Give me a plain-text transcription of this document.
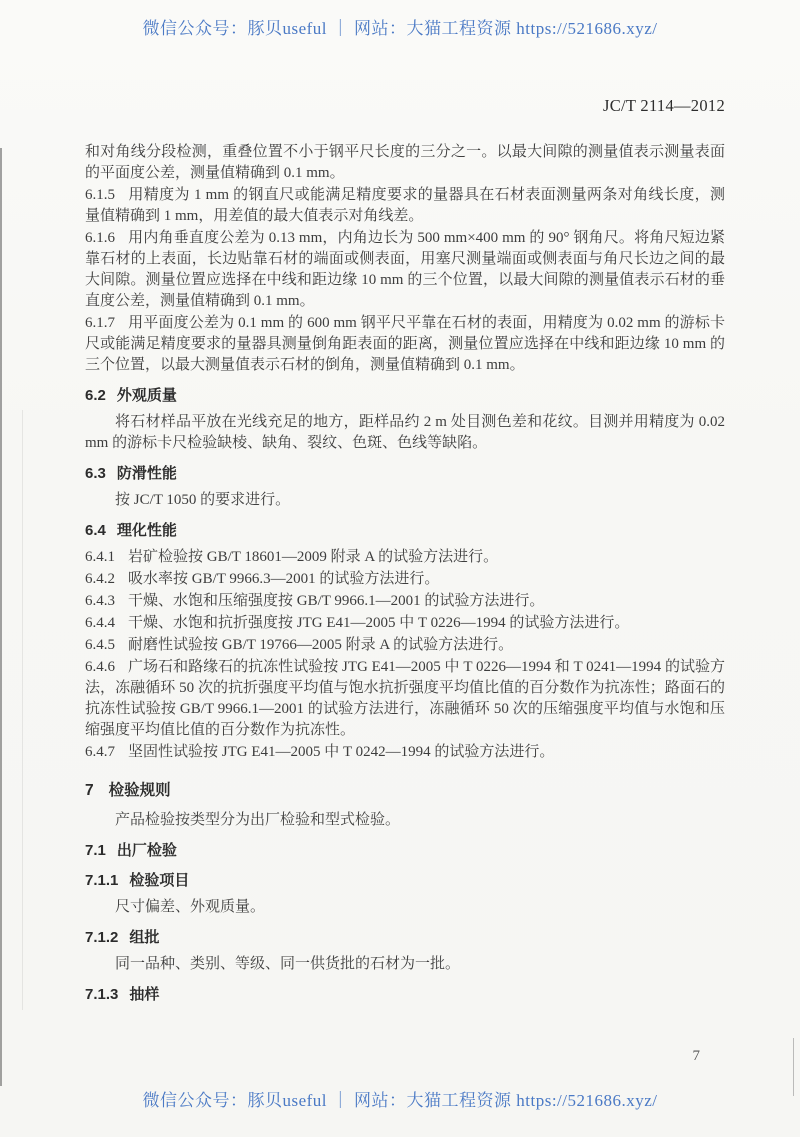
微信公众号：豚贝useful ｜ 网站：大猫工程资源 https://521686.xyz/
JC/T 2114—2012
和对角线分段检测，重叠位置不小于钢平尺长度的三分之一。以最大间隙的测量值表示测量表面的平面度公差，测量值精确到 0.1 mm。
6.1.5 用精度为 1 mm 的钢直尺或能满足精度要求的量器具在石材表面测量两条对角线长度，测量值精确到 1 mm，用差值的最大值表示对角线差。
6.1.6 用内角垂直度公差为 0.13 mm，内角边长为 500 mm×400 mm 的 90° 钢角尺。将角尺短边紧靠石材的上表面，长边贴靠石材的端面或侧表面，用塞尺测量端面或侧表面与角尺长边之间的最大间隙。测量位置应选择在中线和距边缘 10 mm 的三个位置，以最大间隙的测量值表示石材的垂直度公差，测量值精确到 0.1 mm。
6.1.7 用平面度公差为 0.1 mm 的 600 mm 钢平尺平靠在石材的表面，用精度为 0.02 mm 的游标卡尺或能满足精度要求的量器具测量倒角距表面的距离，测量位置应选择在中线和距边缘 10 mm 的三个位置，以最大测量值表示石材的倒角，测量值精确到 0.1 mm。
6.2 外观质量
将石材样品平放在光线充足的地方，距样品约 2 m 处目测色差和花纹。目测并用精度为 0.02 mm 的游标卡尺检验缺棱、缺角、裂纹、色斑、色线等缺陷。
6.3 防滑性能
按 JC/T 1050 的要求进行。
6.4 理化性能
6.4.1 岩矿检验按 GB/T 18601—2009 附录 A 的试验方法进行。
6.4.2 吸水率按 GB/T 9966.3—2001 的试验方法进行。
6.4.3 干燥、水饱和压缩强度按 GB/T 9966.1—2001 的试验方法进行。
6.4.4 干燥、水饱和抗折强度按 JTG E41—2005 中 T 0226—1994 的试验方法进行。
6.4.5 耐磨性试验按 GB/T 19766—2005 附录 A 的试验方法进行。
6.4.6 广场石和路缘石的抗冻性试验按 JTG E41—2005 中 T 0226—1994 和 T 0241—1994 的试验方法，冻融循环 50 次的抗折强度平均值与饱水抗折强度平均值比值的百分数作为抗冻性；路面石的抗冻性试验按 GB/T 9966.1—2001 的试验方法进行，冻融循环 50 次的压缩强度平均值与水饱和压缩强度平均值比值的百分数作为抗冻性。
6.4.7 坚固性试验按 JTG E41—2005 中 T 0242—1994 的试验方法进行。
7 检验规则
产品检验按类型分为出厂检验和型式检验。
7.1 出厂检验
7.1.1 检验项目
尺寸偏差、外观质量。
7.1.2 组批
同一品种、类别、等级、同一供货批的石材为一批。
7.1.3 抽样
7
微信公众号：豚贝useful ｜ 网站：大猫工程资源 https://521686.xyz/
